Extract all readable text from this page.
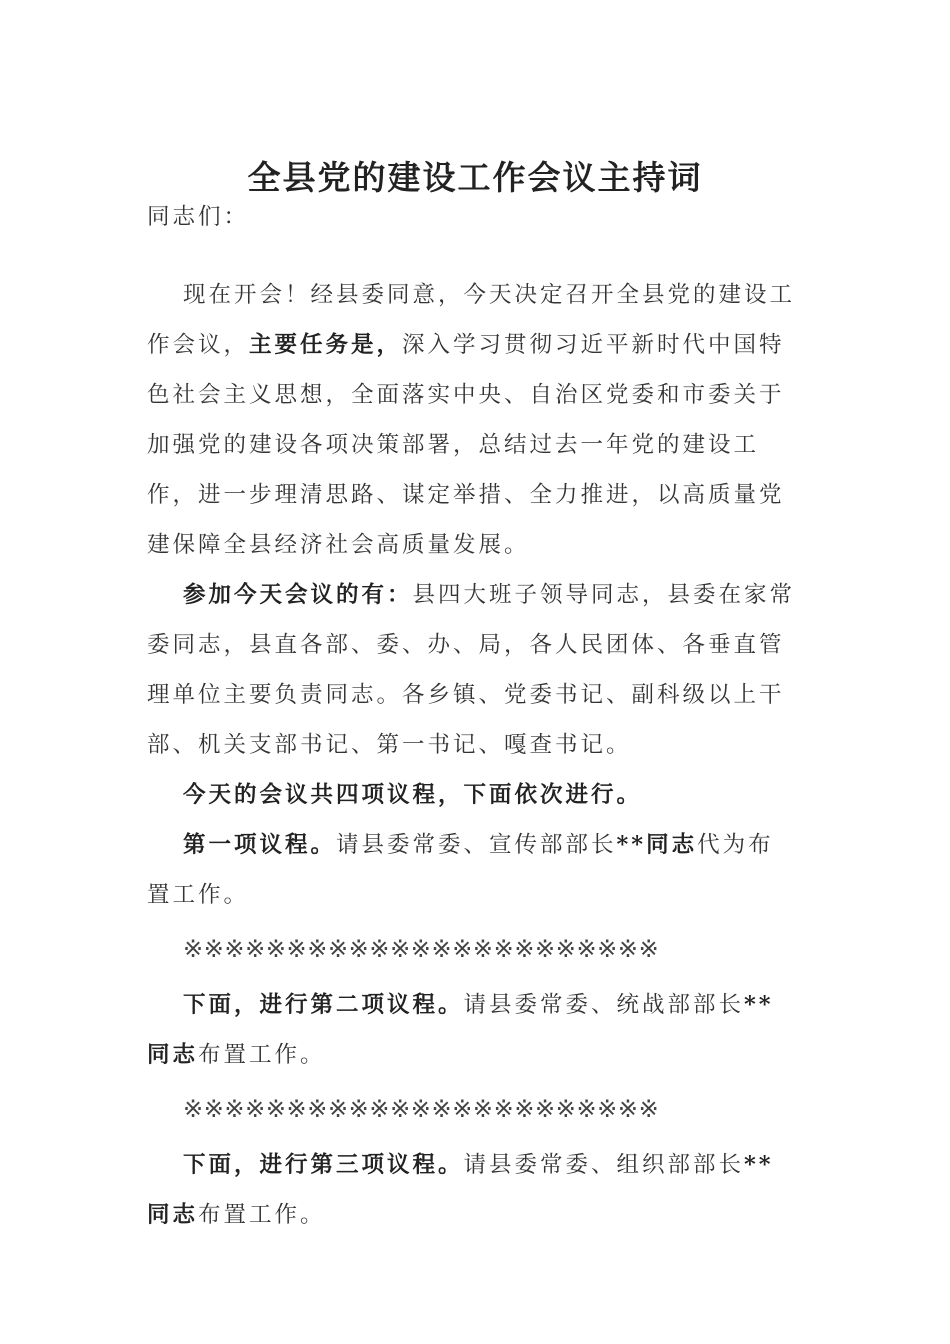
全县党的建设工作会议主持词
同志们：

现在开会！经县委同意，今天决定召开全县党的建设工作会议，主要任务是，深入学习贯彻习近平新时代中国特色社会主义思想，全面落实中央、自治区党委和市委关于加强党的建设各项决策部署，总结过去一年党的建设工作，进一步理清思路、谋定举措、全力推进，以高质量党建保障全县经济社会高质量发展。

参加今天会议的有：县四大班子领导同志，县委在家常委同志，县直各部、委、办、局，各人民团体、各垂直管理单位主要负责同志。各乡镇、党委书记、副科级以上干部、机关支部书记、第一书记、嘎查书记。

今天的会议共四项议程，下面依次进行。

第一项议程。请县委常委、宣传部部长**同志代为布置工作。

※※※※※※※※※※※※※※※※※※※※※※※

下面，进行第二项议程。请县委常委、统战部部长**同志布置工作。

※※※※※※※※※※※※※※※※※※※※※※※

下面，进行第三项议程。请县委常委、组织部部长**同志布置工作。
